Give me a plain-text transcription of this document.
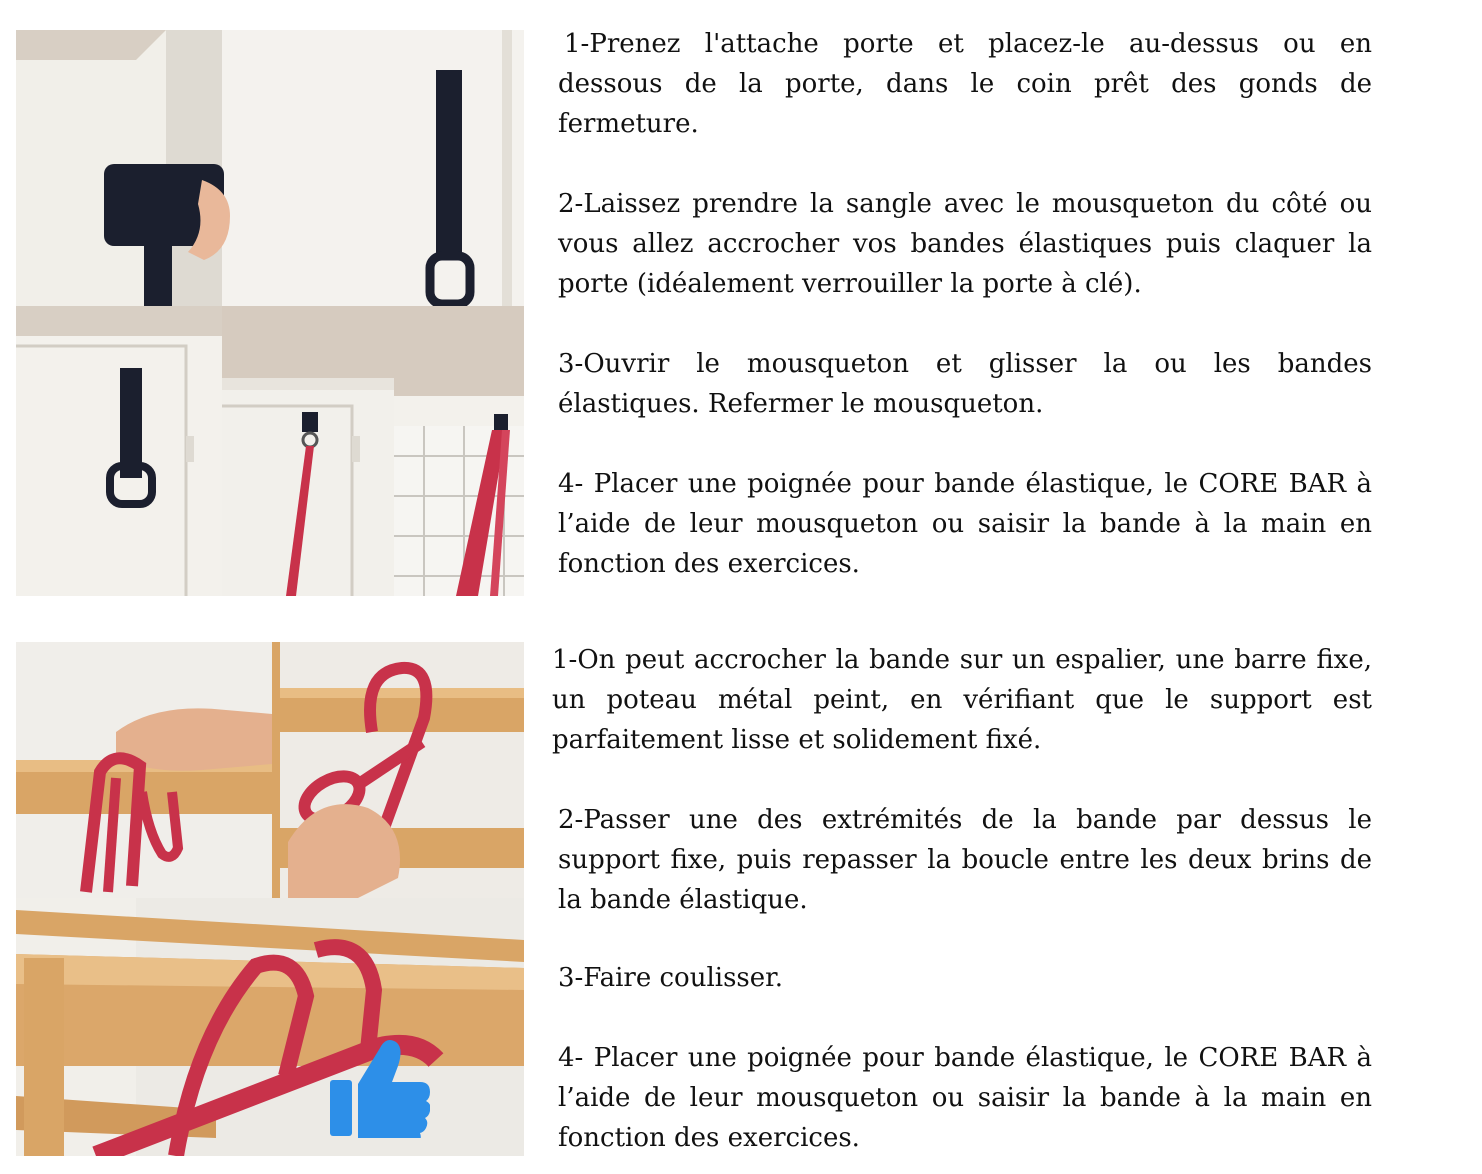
1-Prenez l'attache porte et placez-le au-dessus ou en dessous de la porte, dans le coin prêt des gonds de fermeture.

2-Laissez prendre la sangle avec le mousqueton du côté ou vous allez accrocher vos bandes élastiques puis claquer la porte (idéalement verrouiller la porte à clé).

3-Ouvrir le mousqueton et glisser la ou les bandes élastiques. Refermer le mousqueton.

4- Placer une poignée pour bande élastique, le CORE BAR à l’aide de leur mousqueton ou saisir la bande à la main en fonction des exercices.

1-On peut accrocher la bande sur un espalier, une barre fixe, un poteau métal peint, en vérifiant que le support est parfaitement lisse et solidement fixé.

2-Passer une des extrémités de la bande par dessus le support fixe, puis repasser la boucle entre les deux brins de la bande élastique.

3-Faire coulisser.

4- Placer une poignée pour bande élastique, le CORE BAR à l’aide de leur mousqueton ou saisir la bande à la main en fonction des exercices.
